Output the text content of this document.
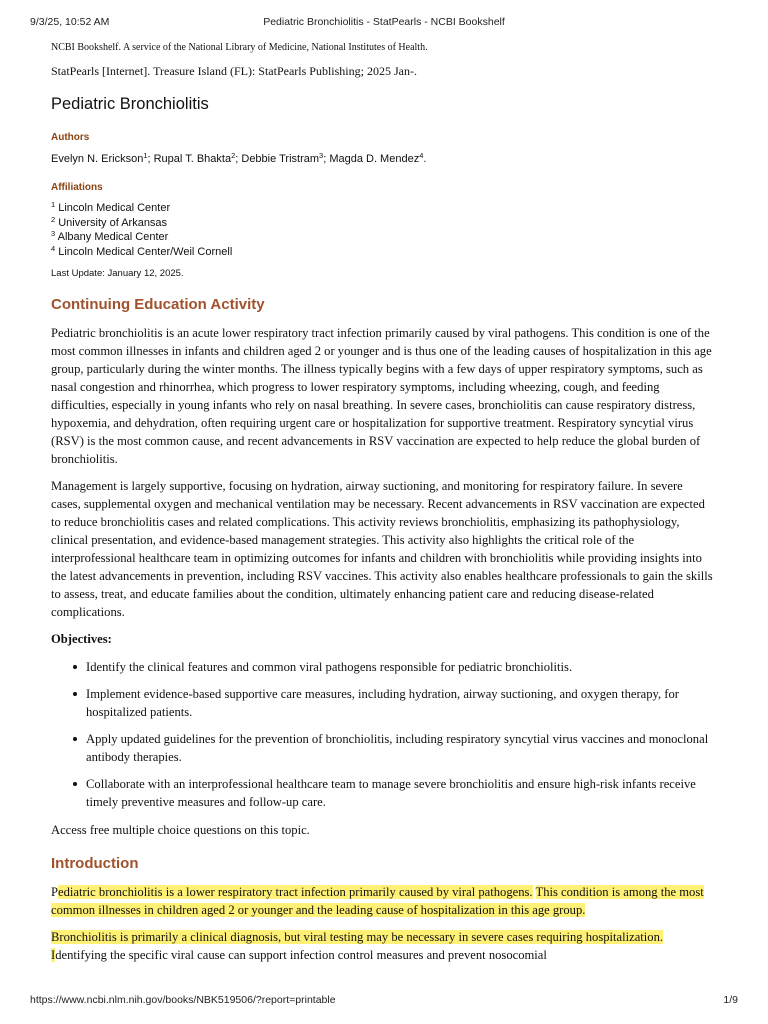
9/3/25, 10:52 AM	Pediatric Bronchiolitis - StatPearls - NCBI Bookshelf

NCBI Bookshelf. A service of the National Library of Medicine, National Institutes of Health.

StatPearls [Internet]. Treasure Island (FL): StatPearls Publishing; 2025 Jan-.

Pediatric Bronchiolitis
Authors
Evelyn N. Erickson$^1$; Rupal T. Bhakta$^2$; Debbie Tristram$^3$; Magda D. Mendez$^4$.
Affiliations
$^1$ Lincoln Medical Center
$^2$ University of Arkansas
$^3$ Albany Medical Center
$^4$ Lincoln Medical Center/Weil Cornell

Last Update: January 12, 2025.

Continuing Education Activity

Pediatric bronchiolitis is an acute lower respiratory tract infection primarily caused by viral pathogens. This condition is one of the most common illnesses in infants and children aged 2 or younger and is thus one of the leading causes of hospitalization in this age group, particularly during the winter months. The illness typically begins with a few days of upper respiratory symptoms, such as nasal congestion and rhinorrhea, which progress to lower respiratory symptoms, including wheezing, cough, and feeding difficulties, especially in young infants who rely on nasal breathing. In severe cases, bronchiolitis can cause respiratory distress, hypoxemia, and dehydration, often requiring urgent care or hospitalization for supportive treatment. Respiratory syncytial virus (RSV) is the most common cause, and recent advancements in RSV vaccination are expected to help reduce the global burden of bronchiolitis.

Management is largely supportive, focusing on hydration, airway suctioning, and monitoring for respiratory failure. In severe cases, supplemental oxygen and mechanical ventilation may be necessary. Recent advancements in RSV vaccination are expected to reduce bronchiolitis cases and related complications. This activity reviews bronchiolitis, emphasizing its pathophysiology, clinical presentation, and evidence-based management strategies. This activity also highlights the critical role of the interprofessional healthcare team in optimizing outcomes for infants and children with bronchiolitis while providing insights into the latest advancements in prevention, including RSV vaccines. This activity also enables healthcare professionals to gain the skills to assess, treat, and educate families about the condition, ultimately enhancing patient care and reducing disease-related complications.

Objectives:

Identify the clinical features and common viral pathogens responsible for pediatric bronchiolitis.
Implement evidence-based supportive care measures, including hydration, airway suctioning, and oxygen therapy, for hospitalized patients.
Apply updated guidelines for the prevention of bronchiolitis, including respiratory syncytial virus vaccines and monoclonal antibody therapies.
Collaborate with an interprofessional healthcare team to manage severe bronchiolitis and ensure high-risk infants receive timely preventive measures and follow-up care.

Access free multiple choice questions on this topic.

Introduction

Pediatric bronchiolitis is a lower respiratory tract infection primarily caused by viral pathogens. This condition is among the most common illnesses in children aged 2 or younger and the leading cause of hospitalization in this age group.

Bronchiolitis is primarily a clinical diagnosis, but viral testing may be necessary in severe cases requiring hospitalization. Identifying the specific viral cause can support infection control measures and prevent nosocomial

https://www.ncbi.nlm.nih.gov/books/NBK519506/?report=printable	1/9
